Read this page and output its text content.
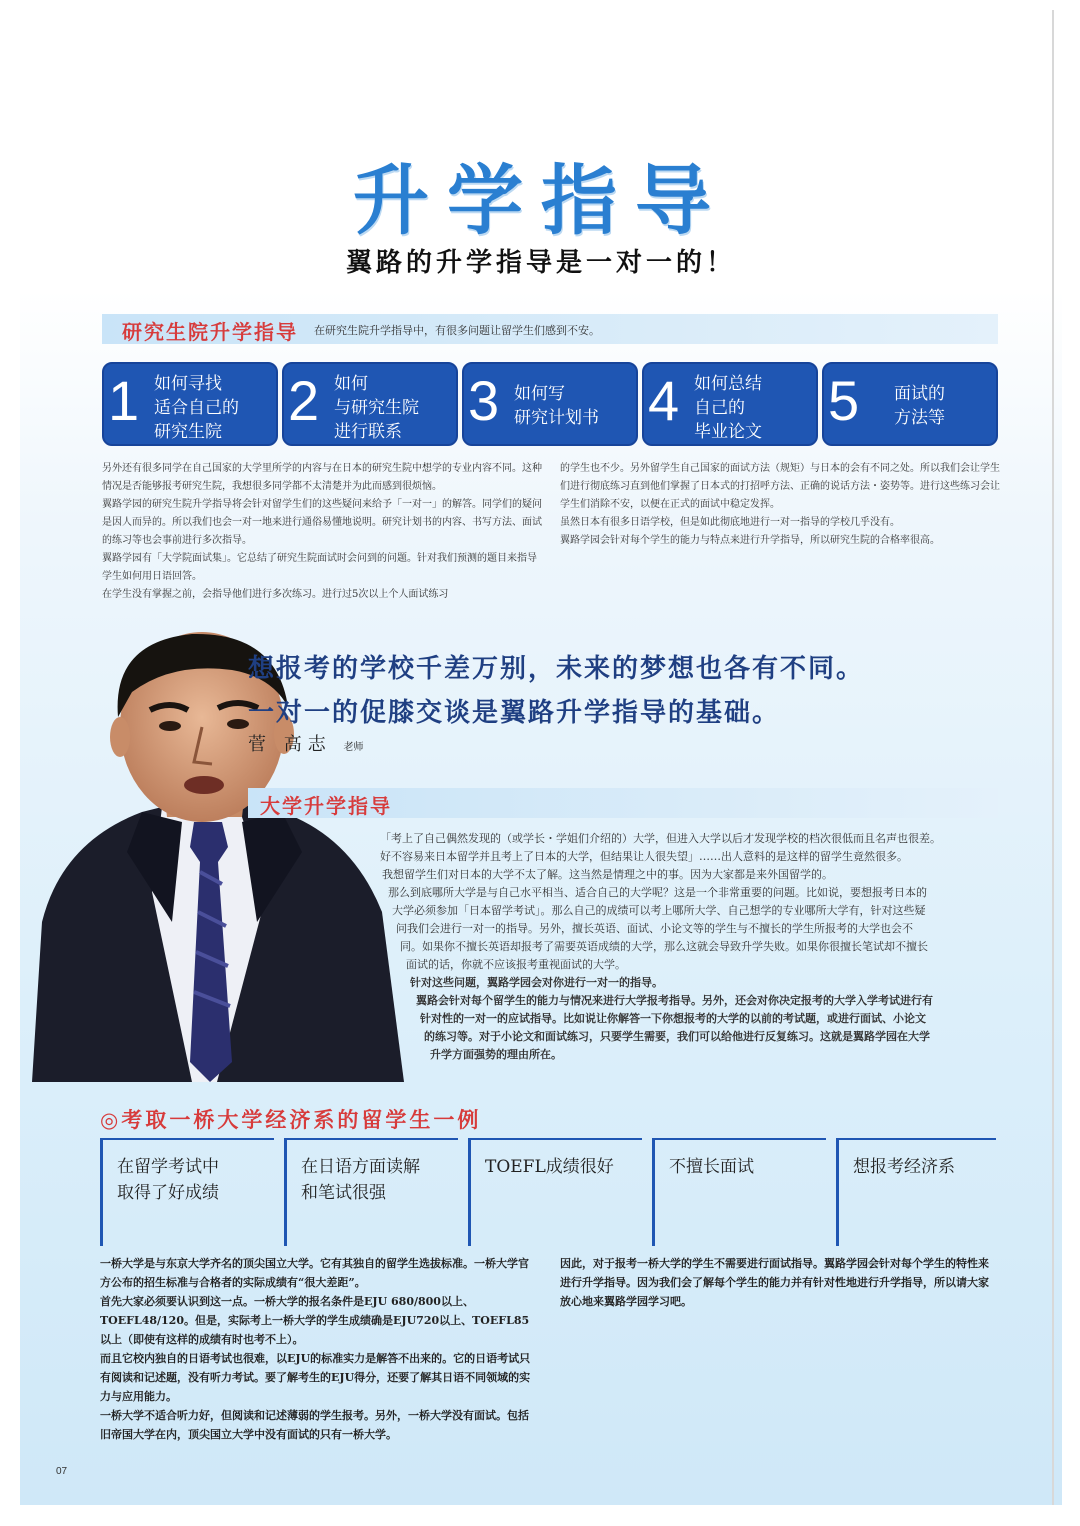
升学指导
翼路的升学指导是一对一的！
研究生院升学指导 在研究生院升学指导中，有很多问题让留学生们感到不安。
1 如何寻找
适合自己的
研究生院	2 如何
与研究生院
进行联系	3 如何写
研究计划书 4 如何总结
自己的
毕业论文	5 面试的
方法等

另外还有很多同学在自己国家的大学里所学的内容与在日本的研究生院中想学的专业内容不同。这种情况是否能够报考研究生院，我想很多同学都不太清楚并为此而感到很烦恼。

翼路学园的研究生院升学指导将会针对留学生们的这些疑问来给予「一对一」的解答。同学们的疑问是因人而异的。所以我们也会一对一地来进行通俗易懂地说明。研究计划书的内容、书写方法、面试的练习等也会事前进行多次指导。

翼路学园有「大学院面试集」。它总结了研究生院面试时会问到的问题。针对我们预测的题目来指导学生如何用日语回答。

在学生没有掌握之前，会指导他们进行多次练习。进行过5次以上个人面试练习

的学生也不少。另外留学生自己国家的面试方法（规矩）与日本的会有不同之处。所以我们会让学生们进行彻底练习直到他们掌握了日本式的打招呼方法、正确的说话方法・姿势等。进行这些练习会让学生们消除不安，以便在正式的面试中稳定发挥。

虽然日本有很多日语学校，但是如此彻底地进行一对一指导的学校几乎没有。

翼路学园会针对每个学生的能力与特点来进行升学指导，所以研究生院的合格率很高。

想报考的学校千差万别，未来的梦想也各有不同。
一对一的促膝交谈是翼路升学指导的基础。
菅 高志 老师
大学升学指导
「考上了自己偶然发现的（或学长・学姐们介绍的）大学，但进入大学以后才发现学校的档次很低而且名声也很差。
好不容易来日本留学并且考上了日本的大学，但结果让人很失望」……出人意料的是这样的留学生竟然很多。
我想留学生们对日本的大学不太了解。这当然是情理之中的事。因为大家都是来外国留学的。
那么到底哪所大学是与自己水平相当、适合自己的大学呢？这是一个非常重要的问题。比如说，要想报考日本的
大学必须参加「日本留学考试」。那么自己的成绩可以考上哪所大学、自己想学的专业哪所大学有，针对这些疑
问我们会进行一对一的指导。另外，擅长英语、面试、小论文等的学生与不擅长的学生所报考的大学也会不
同。如果你不擅长英语却报考了需要英语成绩的大学，那么这就会导致升学失败。如果你很擅长笔试却不擅长
面试的话，你就不应该报考重视面试的大学。
针对这些问题，翼路学园会对你进行一对一的指导。
翼路会针对每个留学生的能力与情况来进行大学报考指导。另外，还会对你决定报考的大学入学考试进行有
针对性的一对一的应试指导。比如说让你解答一下你想报考的大学的以前的考试题，或进行面试、小论文
的练习等。对于小论文和面试练习，只要学生需要，我们可以给他进行反复练习。这就是翼路学园在大学
升学方面强势的理由所在。
◎考取一桥大学经济系的留学生一例
在留学考试中
取得了好成绩
在日语方面读解
和笔试很强
TOEFL成绩很好	不擅长面试	想报考经济系

一桥大学是与东京大学齐名的顶尖国立大学。它有其独自的留学生选拔标准。一桥大学官方公布的招生标准与合格者的实际成绩有“很大差距”。

首先大家必须要认识到这一点。一桥大学的报名条件是EJU 680/800以上、TOEFL48/120。但是，实际考上一桥大学的学生成绩确是EJU720以上、TOEFL85以上（即使有这样的成绩有时也考不上）。

而且它校内独自的日语考试也很难，以EJU的标准实力是解答不出来的。它的日语考试只有阅读和记述题，没有听力考试。要了解考生的EJU得分，还要了解其日语不同领域的实力与应用能力。

一桥大学不适合听力好，但阅读和记述薄弱的学生报考。另外，一桥大学没有面试。包括旧帝国大学在内，顶尖国立大学中没有面试的只有一桥大学。

因此，对于报考一桥大学的学生不需要进行面试指导。翼路学园会针对每个学生的特性来进行升学指导。因为我们会了解每个学生的能力并有针对性地进行升学指导，所以请大家放心地来翼路学园学习吧。

07
